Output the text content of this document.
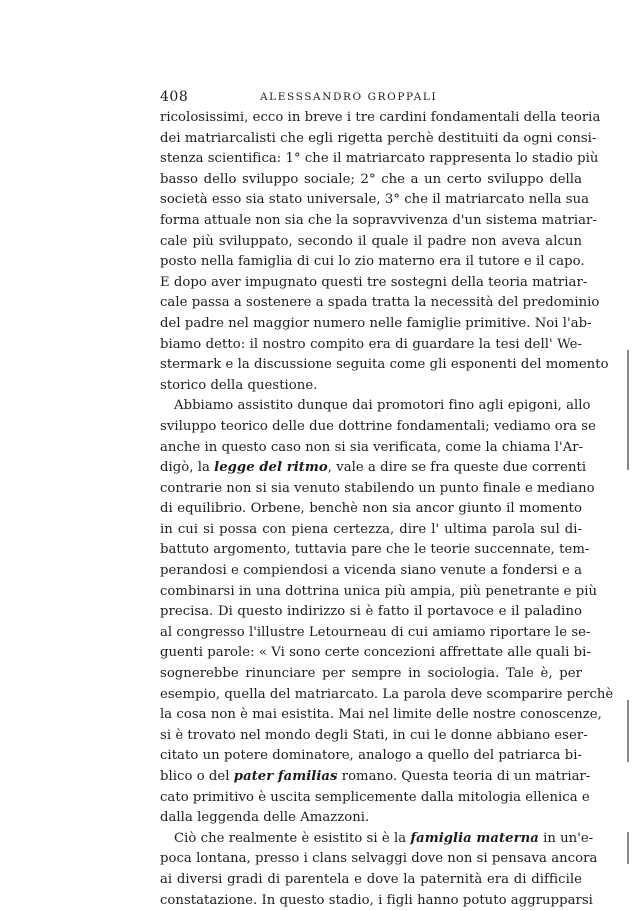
408	ALESSSANDRO GROPPALI
ricolosissimi, ecco in breve i tre cardini fondamentali della teoria
dei matriarcalisti che egli rigetta perchè destituiti da ogni consi-
stenza scientifica: 1° che il matriarcato rappresenta lo stadio più
basso dello sviluppo sociale; 2° che a un certo sviluppo della
società esso sia stato universale, 3° che il matriarcato nella sua
forma attuale non sia che la sopravvivenza d'un sistema matriar-
cale più sviluppato, secondo il quale il padre non aveva alcun
posto nella famiglia di cui lo zio materno era il tutore e il capo.
E dopo aver impugnato questi tre sostegni della teoria matriar-
cale passa a sostenere a spada tratta la necessità del predominio
del padre nel maggior numero nelle famiglie primitive. Noi l'ab-
biamo detto: il nostro compito era di guardare la tesi dell' We-
stermark e la discussione seguita come gli esponenti del momento
storico della questione.
Abbiamo assistito dunque dai promotori fino agli epigoni, allo
sviluppo teorico delle due dottrine fondamentali; vediamo ora se
anche in questo caso non si sia verificata, come la chiama l'Ar-
digò, la legge del ritmo, vale a dire se fra queste due correnti
contrarie non si sia venuto stabilendo un punto finale e mediano
di equilibrio. Orbene, benchè non sia ancor giunto il momento
in cui si possa con piena certezza, dire l' ultima parola sul di-
battuto argomento, tuttavia pare che le teorie succennate, tem-
perandosi e compiendosi a vicenda siano venute a fondersi e a
combinarsi in una dottrina unica più ampia, più penetrante e più
precisa. Di questo indirizzo si è fatto il portavoce e il paladino
al congresso l'illustre Letourneau di cui amiamo riportare le se-
guenti parole: « Vi sono certe concezioni affrettate alle quali bi-
sognerebbe rinunciare per sempre in sociologia. Tale è, per
esempio, quella del matriarcato. La parola deve scomparire perchè
la cosa non è mai esistita. Mai nel limite delle nostre conoscenze,
si è trovato nel mondo degli Stati, in cui le donne abbiano eser-
citato un potere dominatore, analogo a quello del patriarca bi-
blico o del pater familias romano. Questa teoria di un matriar-
cato primitivo è uscita semplicemente dalla mitologia ellenica e
dalla leggenda delle Amazzoni.
Ciò che realmente è esistito si è la famiglia materna in un'e-
poca lontana, presso i clans selvaggi dove non si pensava ancora
ai diversi gradi di parentela e dove la paternità era di difficile
constatazione. In questo stadio, i figli hanno potuto aggrupparsi
